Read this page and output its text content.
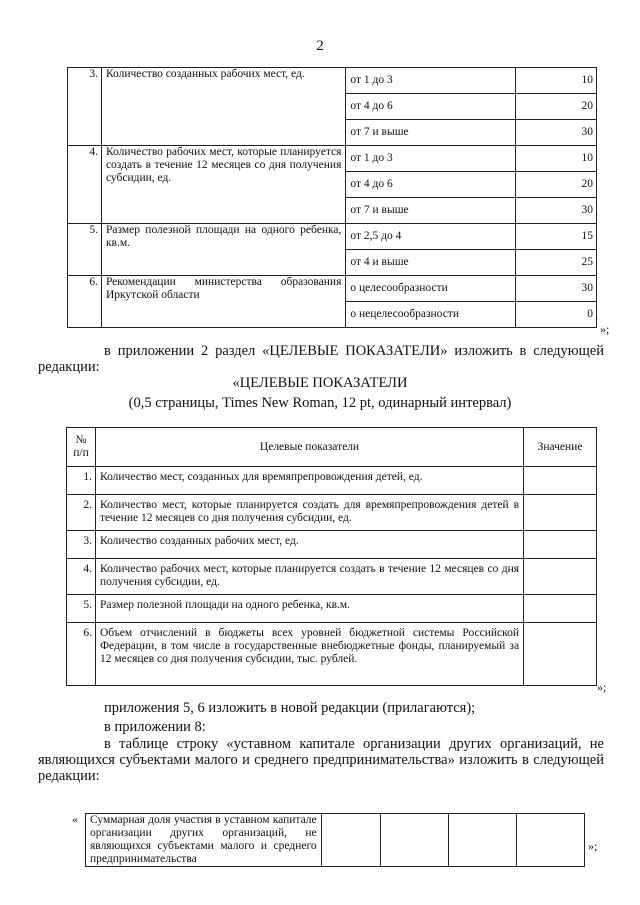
2
3.	Количество созданных рабочих мест, ед.	от 1 до 3	10
		от 4 до 6	20
		от 7 и выше	30
4.	Количество рабочих мест, которые планируется создать в течение 12 месяцев со дня получения субсидии, ед.	от 1 до 3	10
		от 4 до 6	20
		от 7 и выше	30
5.	Размер полезной площади на одного ребенка, кв.м.	от 2,5 до 4	15
		от 4 и выше	25
6.	Рекомендации министерства образования Иркутской области	о целесообразности	30
		о нецелесообразности	0
»;
в приложении 2 раздел «ЦЕЛЕВЫЕ ПОКАЗАТЕЛИ» изложить в следующей редакции:
«ЦЕЛЕВЫЕ ПОКАЗАТЕЛИ
(0,5 страницы, Times New Roman, 12 pt, одинарный интервал)
№ п/п	Целевые показатели	Значение
1.	Количество мест, созданных для времяпрепровождения детей, ед.	
2.	Количество мест, которые планируется создать для времяпрепровождения детей в течение 12 месяцев со дня получения субсидии, ед.	
3.	Количество созданных рабочих мест, ед.	
4.	Количество рабочих мест, которые планируется создать в течение 12 месяцев со дня получения субсидии, ед.	
5.	Размер полезной площади на одного ребенка, кв.м.	
6.	Объем отчислений в бюджеты всех уровней бюджетной системы Российской Федерации, в том числе в государственные внебюджетные фонды, планируемый за 12 месяцев со дня получения субсидии, тыс. рублей.	
»;
приложения 5, 6 изложить в новой редакции (прилагаются);
в приложении 8:
в таблице строку «уставном капитале организации других организаций, не являющихся субъектами малого и среднего предпринимательства» изложить в следующей редакции:
« Суммарная доля участия в уставном капитале организации других организаций, не являющихся субъектами малого и среднего предпринимательства				
»;
